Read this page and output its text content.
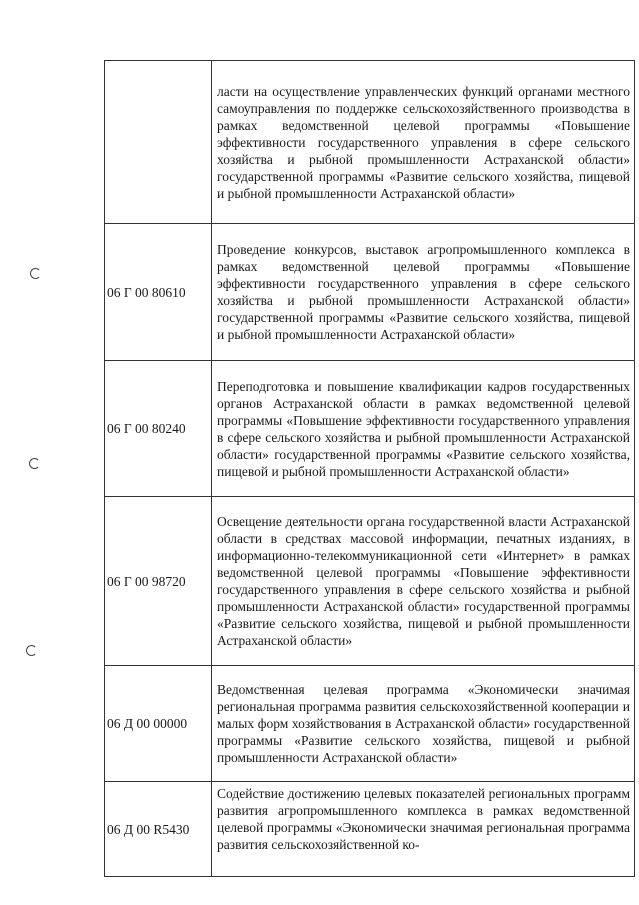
	ласти на осуществление управленческих функций органами местного самоуправления по поддержке сельскохозяйственного производства в рамках ведомственной целевой программы «Повышение эффективности государственного управления в сфере сельского хозяйства и рыбной промышленности Астраханской области» государственной программы «Развитие сельского хозяйства, пищевой и рыбной промышленности Астраханской области»
06 Г 00 80610	Проведение конкурсов, выставок агропромышленного комплекса в рамках ведомственной целевой программы «Повышение эффективности государственного управления в сфере сельского хозяйства и рыбной промышленности Астраханской области» государственной программы «Развитие сельского хозяйства, пищевой и рыбной промышленности Астраханской области»
06 Г 00 80240	Переподготовка и повышение квалификации кадров государственных органов Астраханской области в рамках ведомственной целевой программы «Повышение эффективности государственного управления в сфере сельского хозяйства и рыбной промышленности Астраханской области» государственной программы «Развитие сельского хозяйства, пищевой и рыбной промышленности Астраханской области»
06 Г 00 98720	Освещение деятельности органа государственной власти Астраханской области в средствах массовой информации, печатных изданиях, в информационно-телекоммуникационной сети «Интернет» в рамках ведомственной целевой программы «Повышение эффективности государственного управления в сфере сельского хозяйства и рыбной промышленности Астраханской области» государственной программы «Развитие сельского хозяйства, пищевой и рыбной промышленности Астраханской области»
06 Д 00 00000	Ведомственная целевая программа «Экономически значимая региональная программа развития сельскохозяйственной кооперации и малых форм хозяйствования в Астраханской области» государственной программы «Развитие сельского хозяйства, пищевой и рыбной промышленности Астраханской области»
06 Д 00 R5430	Содействие достижению целевых показателей региональных программ развития агропромышленного комплекса в рамках ведомственной целевой программы «Экономически значимая региональная программа развития сельскохозяйственной ко-
